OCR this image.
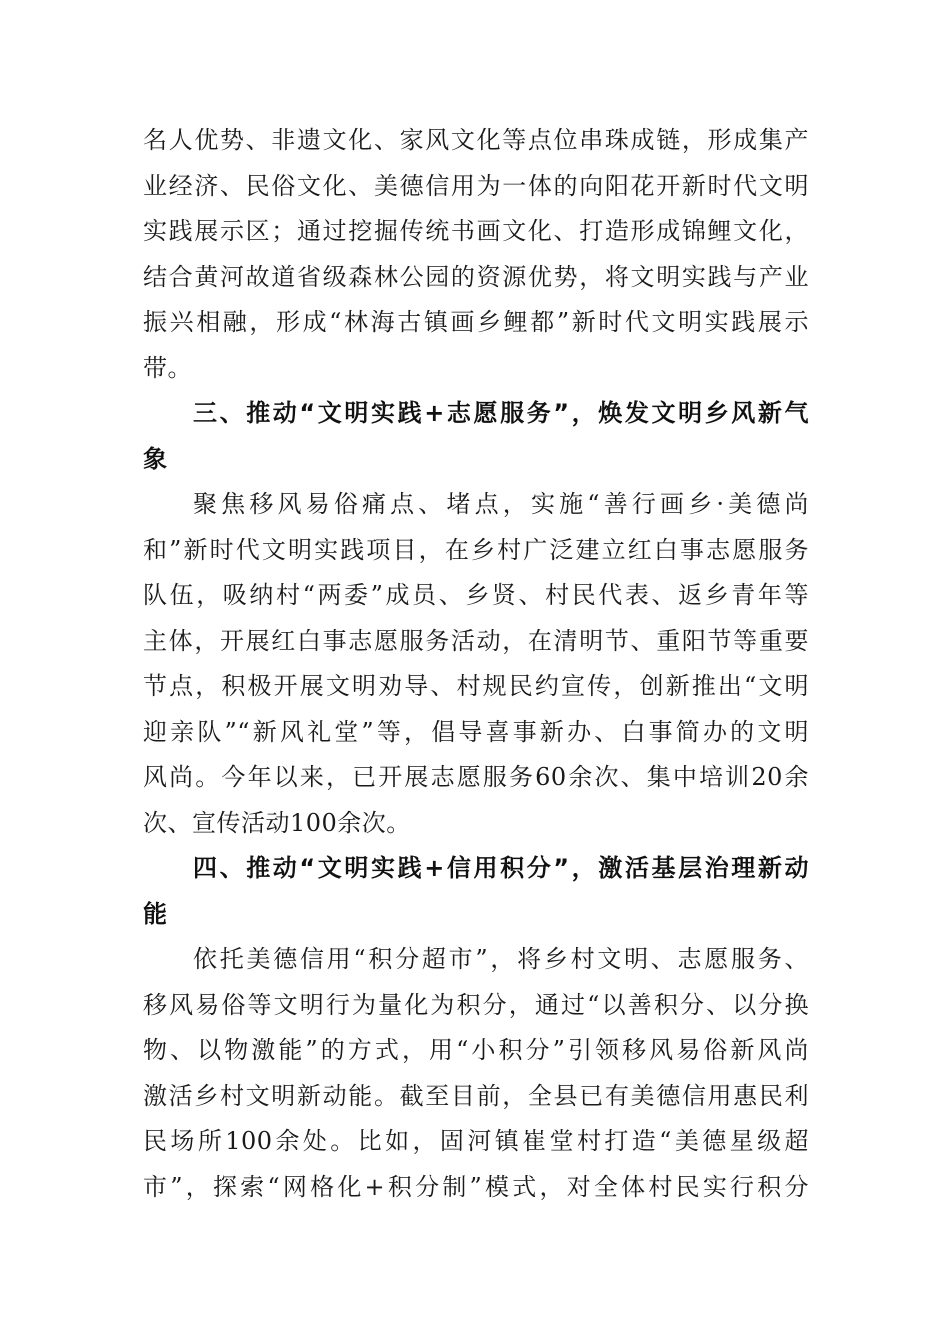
名人优势、非遗文化、家风文化等点位串珠成链，形成集产
业经济、民俗文化、美德信用为一体的向阳花开新时代文明
实践展示区；通过挖掘传统书画文化、打造形成锦鲤文化，
结合黄河故道省级森林公园的资源优势，将文明实践与产业
振兴相融，形成“林海古镇画乡鲤都”新时代文明实践展示
带。
三、推动“文明实践+志愿服务”，焕发文明乡风新气
象
聚焦移风易俗痛点、堵点，实施“善行画乡·美德尚
和”新时代文明实践项目，在乡村广泛建立红白事志愿服务
队伍，吸纳村“两委”成员、乡贤、村民代表、返乡青年等
主体，开展红白事志愿服务活动，在清明节、重阳节等重要
节点，积极开展文明劝导、村规民约宣传，创新推出“文明
迎亲队”“新风礼堂”等，倡导喜事新办、白事简办的文明
风尚。今年以来，已开展志愿服务60余次、集中培训20余
次、宣传活动100余次。
四、推动“文明实践+信用积分”，激活基层治理新动
能
依托美德信用“积分超市”，将乡村文明、志愿服务、
移风易俗等文明行为量化为积分，通过“以善积分、以分换
物、以物激能”的方式，用“小积分”引领移风易俗新风尚
激活乡村文明新动能。截至目前，全县已有美德信用惠民利
民场所100余处。比如，固河镇崔堂村打造“美德星级超
市”，探索“网格化+积分制”模式，对全体村民实行积分
